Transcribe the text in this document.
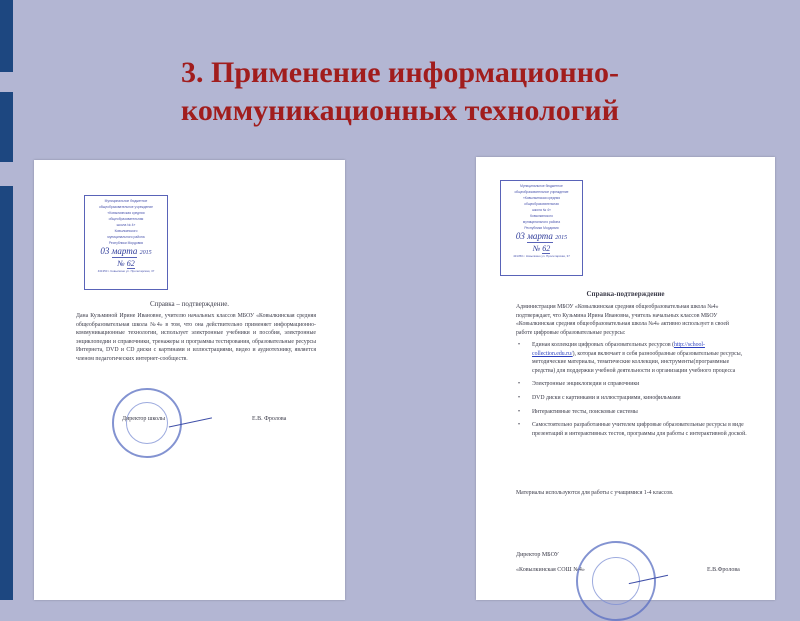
3. Применение информационно-
коммуникационных технологий
Муниципальное бюджетное
общеобразовательное учреждение
«Ковылкинская средняя
общеобразовательная
школа № 4»
Ковылкинского
муниципального района
Республики Мордовия
03 марта 2015
№ 62
431350 г. Ковылкино ул. Пролетарская, 37
Справка – подтверждение.
Дана Кузьминой Ирине Ивановне, учителю начальных классов МБОУ «Ковылкинская средняя общеобразовательная школа №4» в том, что она действительно применяет информационно-коммуникационные технологии, использует электронные учебники и пособия, электронные энциклопедии и справочники, тренажеры и программы тестирования, образовательные ресурсы Интернета, DVD и CD диски с картинами и иллюстрациями, видео и аудиотехнику, является членом педагогических интернет-сообществ.
Директор школы	Е.В. Фролова
Муниципальное бюджетное
общеобразовательное учреждение
«Ковылкинская средняя
общеобразовательная
школа № 4»
Ковылкинского
муниципального района
Республики Мордовия
03 марта 2015
№ 62
431350 г. Ковылкино ул. Пролетарская, 37
Справка-подтверждение
Администрация МБОУ «Ковылкинская средняя общеобразовательная школа №4» подтверждает, что Кузьмина Ирина Ивановна, учитель начальных классов МБОУ «Ковылкинская средняя общеобразовательная школа №4» активно использует в своей работе цифровые образовательные ресурсы:
• Единая коллекция цифровых образовательных ресурсов (http://school-collection.edu.ru/), которая включает в себя разнообразные образовательные ресурсы, методические материалы, тематические коллекции, инструменты(программные средства) для поддержки учебной деятельности и организации учебного процесса
• Электронные энциклопедии и справочники
• DVD диски с картинками и иллюстрациями, кинофильмами
• Интерактивные тесты, поисковые системы
• Самостоятельно разработанные учителем цифровые образовательные ресурсы в виде презентаций и интерактивных тестов, программы для работы с интерактивной доской.
Материалы используются для работы с учащимися 1-4 классов.
Директор МБОУ
«Ковылкинская СОШ №4»	Е.В.Фролова
